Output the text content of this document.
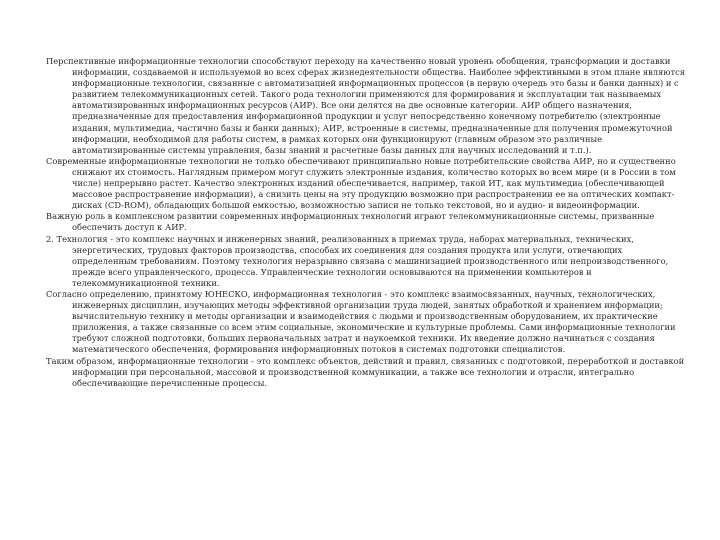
Перспективные информационные технологии способствуют переходу на качественно новый уровень обобщения, трансформации и доставки информации, создаваемой и используемой во всех сферах жизнедеятельности общества. Наиболее эффективными в этом плане являются информационные технологии, связанные с автоматизацией информационных процессов (в первую очередь это базы и банки данных) и с развитием телекоммуникационных сетей. Такого рода технологии применяются для формирования и эксплуатации так называемых автоматизированных информационных ресурсов (АИР). Все они делятся на две основные категории. АИР общего назначения, предназначенные для предоставления информационной продукции и услуг непосредственно конечному потребителю (электронные издания, мультимедиа, частично базы и банки данных); АИР, встроенные в системы, предназначенные для получения промежуточной информации, необходимой для работы систем, в рамках которых они функционируют (главным образом это различные автоматизированные системы управления, базы знаний и расчетные базы данных для научных исследований и т.п.).

Современные информационные технологии не только обеспечивают принципиально новые потребительские свойства АИР, но и существенно снижают их стоимость. Наглядным примером могут служить электронные издания, количество которых во всем мире (и в России в том числе) непрерывно растет. Качество электронных изданий обеспечивается, например, такой ИТ, как мультимедиа (обеспечивающей массовое распространение информации), а снизить цены на эту продукцию возможно при распространении ее на оптических компакт-дисках (CD-ROM), обладающих большой емкостью, возможностью записи не только текстовой, но и аудио- и видеоинформации.

Важную роль в комплексном развитии современных информационных технологий играют телекоммуникационные системы, призванные обеспечить доступ к АИР.

2. Технология - это комплекс научных и инженерных знаний, реализованных в приемах труда, наборах материальных, технических, энергетических, трудовых факторов производства, способах их соединения для создания продукта или услуги, отвечающих определенным требованиям. Поэтому технология неразрывно связана с машинизацией производственного или непроизводственного, прежде всего управленческого, процесса. Управленческие технологии основываются на применении компьютеров и телекоммуникационной техники.

Согласно определению, принятому ЮНЕСКО, информационная технология - это комплекс взаимосвязанных, научных, технологических, инженерных дисциплин, изучающих методы эффективной организации труда людей, занятых обработкой и хранением информации; вычислительную технику и методы организации и взаимодействия с людьми и производственным оборудованием, их практические приложения, а также связанные со всем этим социальные, экономические и культурные проблемы. Сами информационные технологии требуют сложной подготовки, больших первоначальных затрат и наукоемкой техники. Их введение должно начинаться с создания математического обеспечения, формирования информационных потоков в системах подготовки специалистов.

Таким образом, информационные технологии - это комплекс объектов, действий и правил, связанных с подготовкой, переработкой и доставкой информации при персональной, массовой и производственной коммуникации, а также все технологии и отрасли, интегрально обеспечивающие перечисленные процессы.
